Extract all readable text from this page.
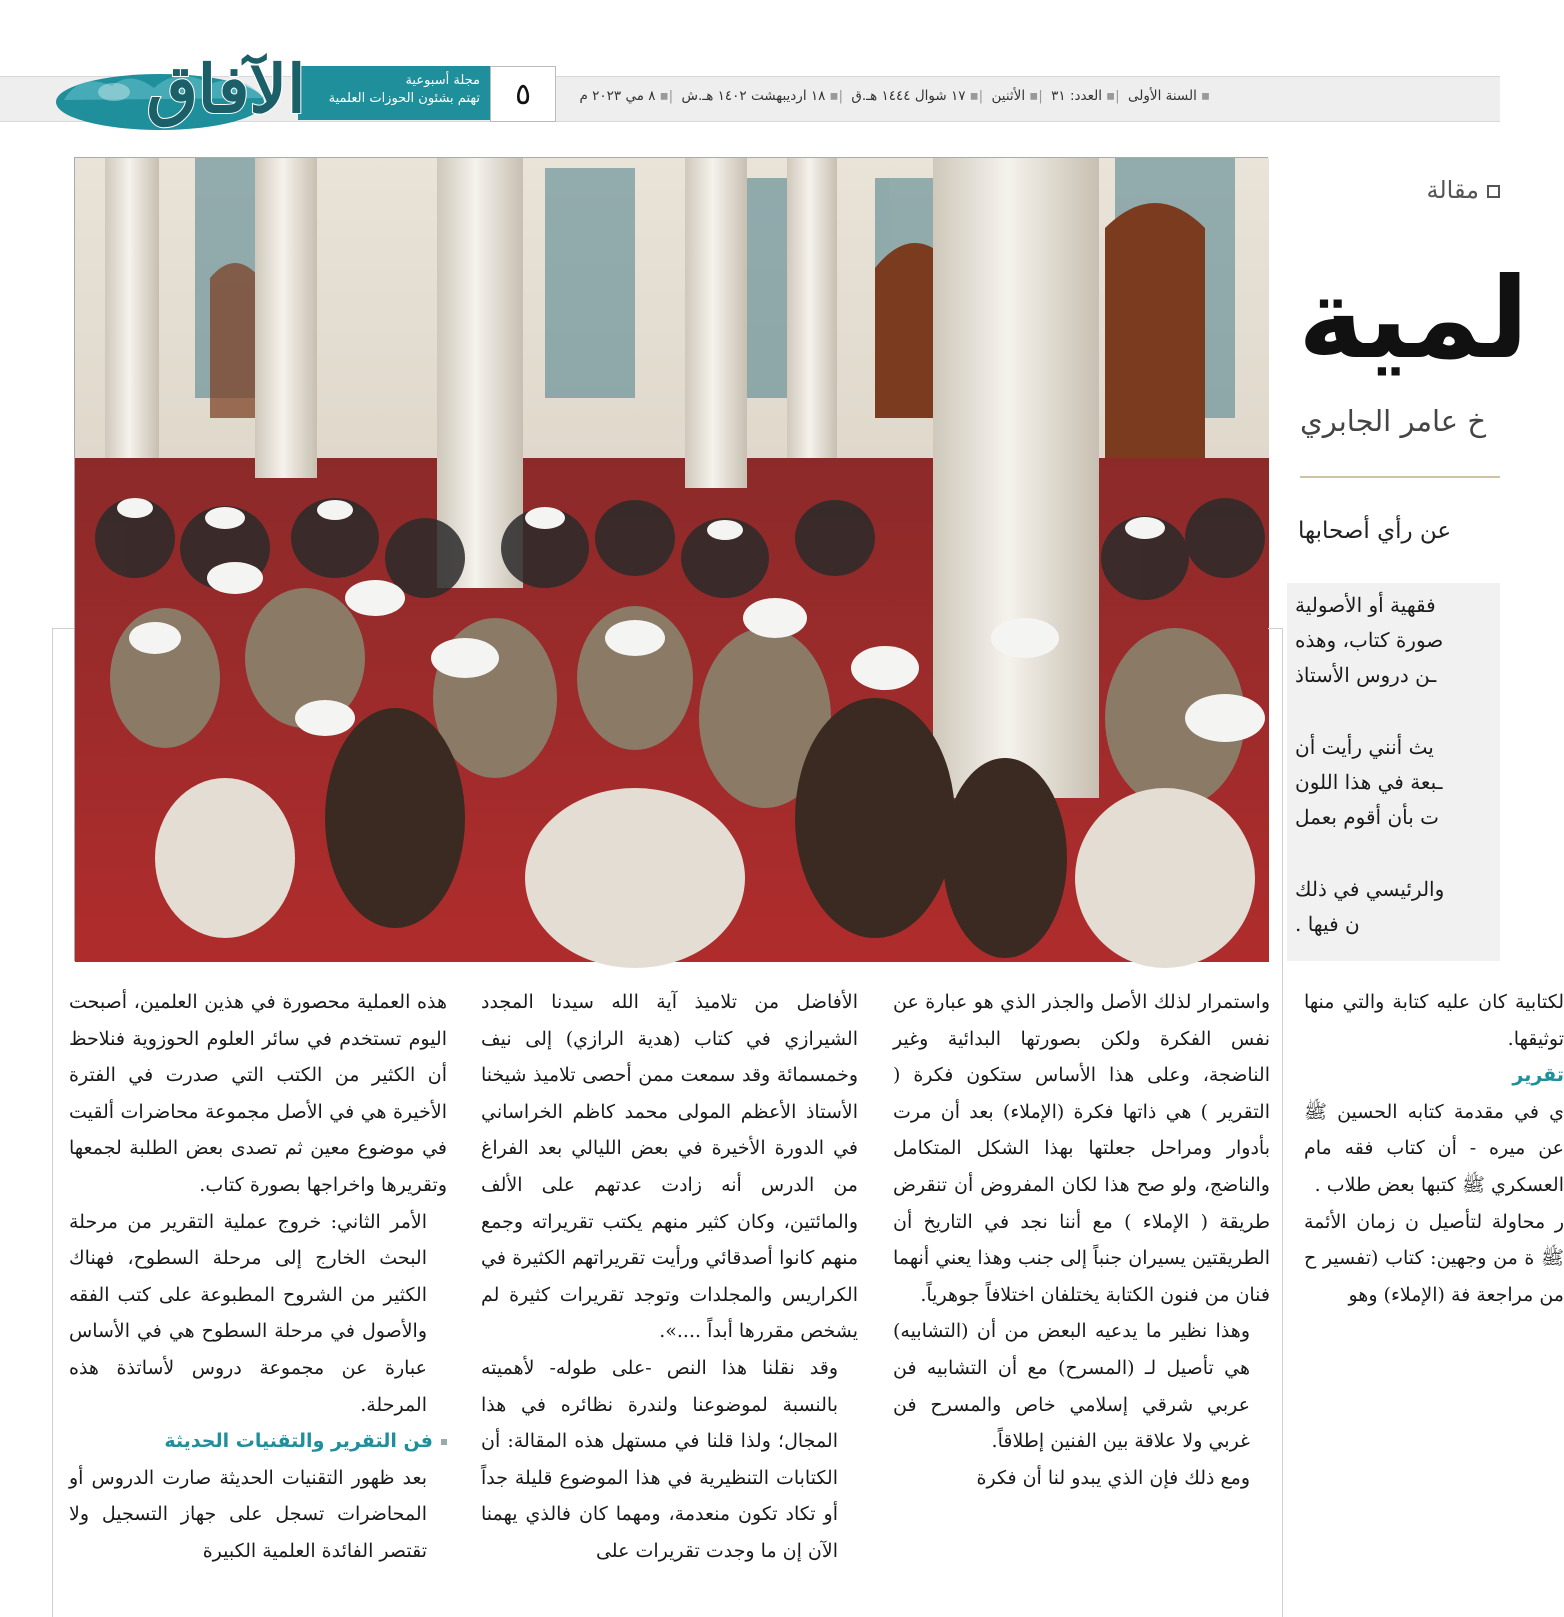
▪السنة الأولى |▪العدد: ٣١ |▪الأثنين |▪١٧ شوال ١٤٤٤ هـ.ق |▪١٨ اردیبهشت ١٤٠٢ هـ.ش |▪٨ مي ٢٠٢٣ م
٥
مجلة أسبوعية
تهتم بشئون الحوزات العلمية
الآفاق
مقالة
لمية
خ عامر الجابري
عن رأي أصحابها
فقهية أو الأصولية
صورة كتاب، وهذه
ـن دروس الأستاذ
يث أنني رأيت أن
ـبعة في هذا اللون
ت بأن أقوم بعمل
والرئيسي في ذلك
ن فيها .

لكتابية كان عليه كتابة والتي منها توثيقها.

تقرير

ي في مقدمة كتابه الحسين ﷺ عن ميره - أن كتاب فقه مام العسكري ﷺ كتبها بعض طلاب .

ر محاولة لتأصيل ن زمان الأئمة ﷺ ة من وجهين: كتاب (تفسير ح من مراجعة فة (الإملاء) وهو

واستمرار لذلك الأصل والجذر الذي هو عبارة عن نفس الفكرة ولكن بصورتها البدائية وغير الناضجة، وعلى هذا الأساس ستكون فكرة ( التقرير ) هي ذاتها فكرة (الإملاء) بعد أن مرت بأدوار ومراحل جعلتها بهذا الشكل المتكامل والناضج، ولو صح هذا لكان المفروض أن تنقرض طريقة ( الإملاء ) مع أننا نجد في التاريخ أن الطريقتين يسيران جنباً إلى جنب وهذا يعني أنهما فنان من فنون الكتابة يختلفان اختلافاً جوهرياً.

وهذا نظير ما يدعيه البعض من أن (التشابيه) هي تأصيل لـ (المسرح) مع أن التشابيه فن عربي شرقي إسلامي خاص والمسرح فن غربي ولا علاقة بين الفنين إطلاقاً.

ومع ذلك فإن الذي يبدو لنا أن فكرة

الأفاضل من تلاميذ آية الله سيدنا المجدد الشيرازي في كتاب (هدية الرازي) إلى نيف وخمسمائة وقد سمعت ممن أحصى تلاميذ شيخنا الأستاذ الأعظم المولى محمد كاظم الخراساني في الدورة الأخيرة في بعض الليالي بعد الفراغ من الدرس أنه زادت عدتهم على الألف والمائتين، وكان كثير منهم يكتب تقريراته وجمع منهم كانوا أصدقائي ورأيت تقريراتهم الكثيرة في الكراريس والمجلدات وتوجد تقريرات كثيرة لم يشخص مقررها أبداً ....».

وقد نقلنا هذا النص -على طوله- لأهميته بالنسبة لموضوعنا ولندرة نظائره في هذا المجال؛ ولذا قلنا في مستهل هذه المقالة: أن الكتابات التنظيرية في هذا الموضوع قليلة جداً أو تكاد تكون منعدمة، ومهما كان فالذي يهمنا الآن إن ما وجدت تقريرات على

هذه العملية محصورة في هذين العلمين، أصبحت اليوم تستخدم في سائر العلوم الحوزوية فنلاحظ أن الكثير من الكتب التي صدرت في الفترة الأخيرة هي في الأصل مجموعة محاضرات ألقيت في موضوع معين ثم تصدى بعض الطلبة لجمعها وتقريرها واخراجها بصورة كتاب.

الأمر الثاني: خروج عملية التقرير من مرحلة البحث الخارج إلى مرحلة السطوح، فهناك الكثير من الشروح المطبوعة على كتب الفقه والأصول في مرحلة السطوح هي في الأساس عبارة عن مجموعة دروس لأساتذة هذه المرحلة.

فن التقرير والتقنيات الحديثة

بعد ظهور التقنيات الحديثة صارت الدروس أو المحاضرات تسجل على جهاز التسجيل ولا تقتصر الفائدة العلمية الكبيرة
